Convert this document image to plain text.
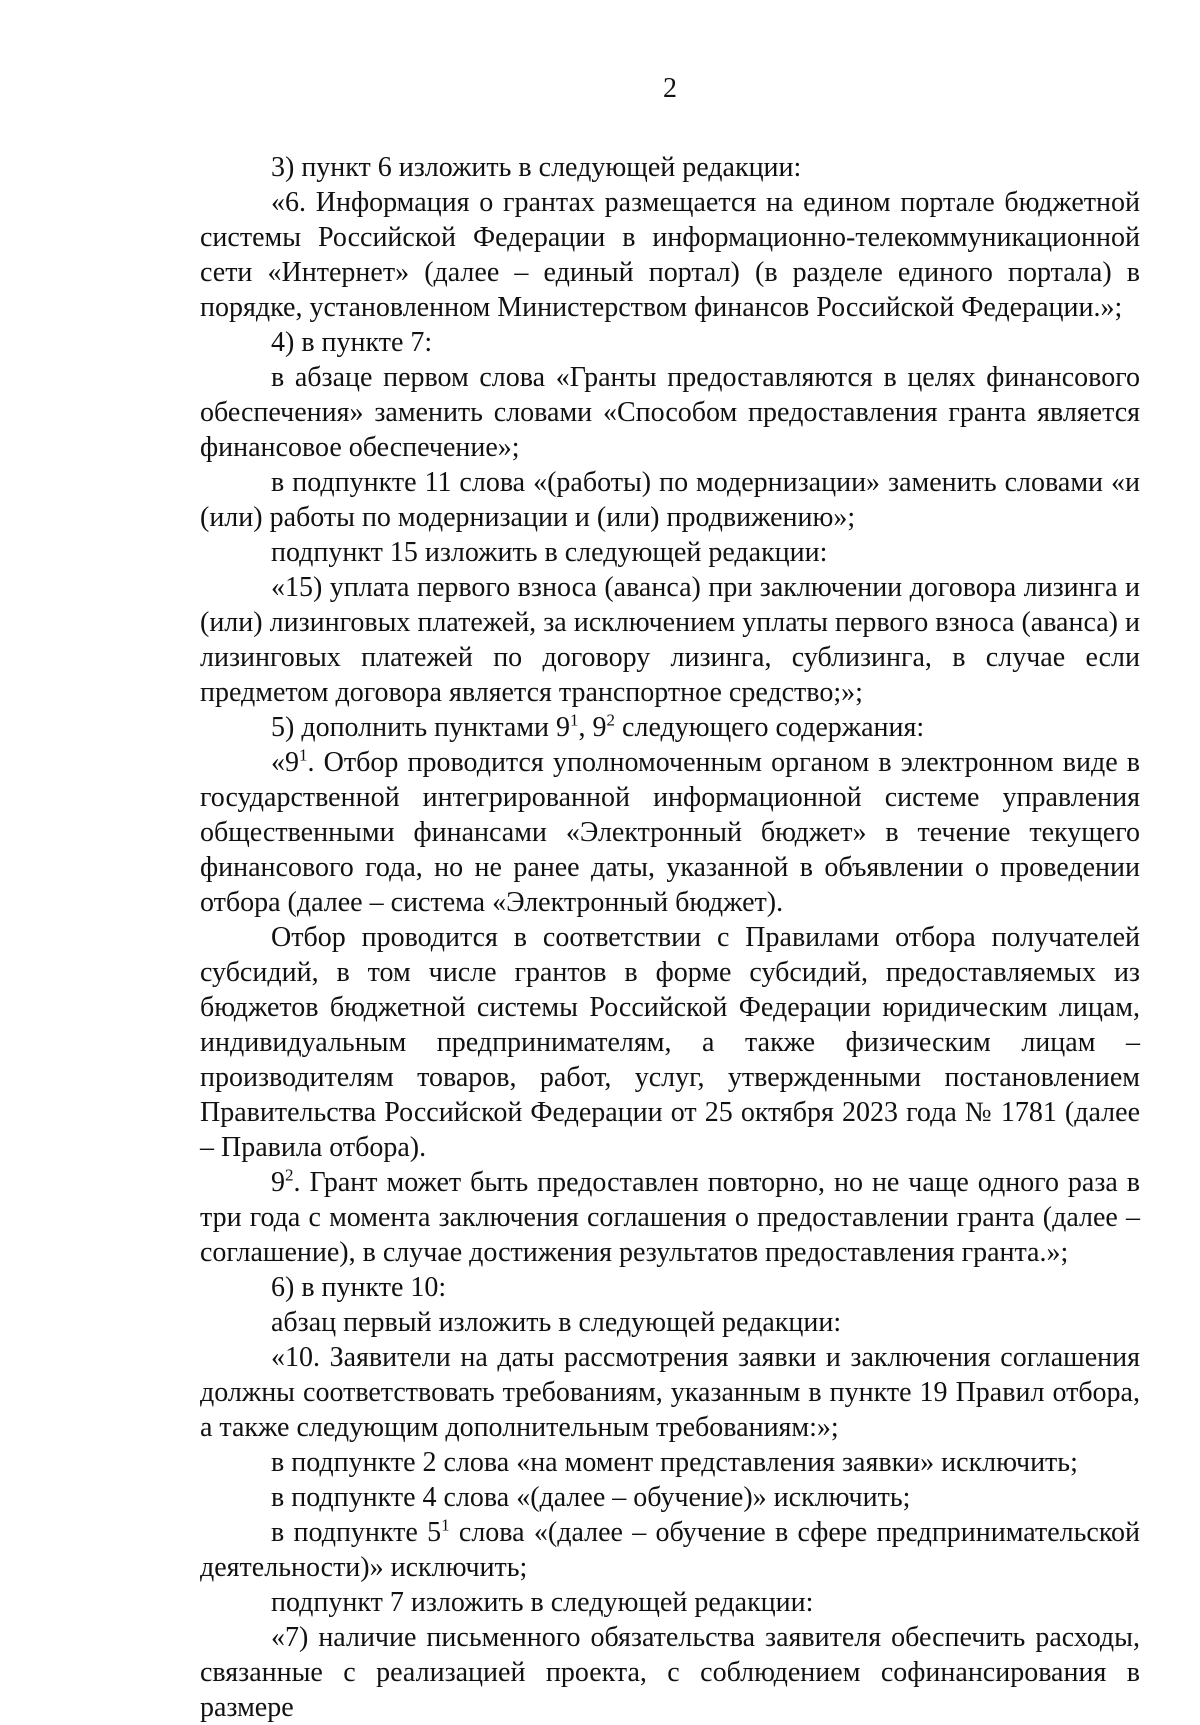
2

3) пункт 6 изложить в следующей редакции:

«6. Информация о грантах размещается на едином портале бюджетной системы Российской Федерации в информационно-телекоммуникационной сети «Интернет» (далее – единый портал) (в разделе единого портала) в порядке, установленном Министерством финансов Российской Федерации.»;

4) в пункте 7:

в абзаце первом слова «Гранты предоставляются в целях финансового обеспечения» заменить словами «Способом предоставления гранта является финансовое обеспечение»;

в подпункте 11 слова «(работы) по модернизации» заменить словами «и (или) работы по модернизации и (или) продвижению»;

подпункт 15 изложить в следующей редакции:

«15) уплата первого взноса (аванса) при заключении договора лизинга и (или) лизинговых платежей, за исключением уплаты первого взноса (аванса) и лизинговых платежей по договору лизинга, сублизинга, в случае если предметом договора является транспортное средство;»;

5) дополнить пунктами $9^1$, $9^2$ следующего содержания:

«$9^1$. Отбор проводится уполномоченным органом в электронном виде в государственной интегрированной информационной системе управления общественными финансами «Электронный бюджет» в течение текущего финансового года, но не ранее даты, указанной в объявлении о проведении отбора (далее – система «Электронный бюджет).

Отбор проводится в соответствии с Правилами отбора получателей субсидий, в том числе грантов в форме субсидий, предоставляемых из бюджетов бюджетной системы Российской Федерации юридическим лицам, индивидуальным предпринимателям, а также физическим лицам – производителям товаров, работ, услуг, утвержденными постановлением Правительства Российской Федерации от 25 октября 2023 года № 1781 (далее – Правила отбора).

$9^2$. Грант может быть предоставлен повторно, но не чаще одного раза в три года с момента заключения соглашения о предоставлении гранта (далее – соглашение), в случае достижения результатов предоставления гранта.»;

6) в пункте 10:

абзац первый изложить в следующей редакции:

«10. Заявители на даты рассмотрения заявки и заключения соглашения должны соответствовать требованиям, указанным в пункте 19 Правил отбора, а также следующим дополнительным требованиям:»;

в подпункте 2 слова «на момент представления заявки» исключить;

в подпункте 4 слова «(далее – обучение)» исключить;

в подпункте $5^1$ слова «(далее – обучение в сфере предпринимательской деятельности)» исключить;

подпункт 7 изложить в следующей редакции:

«7) наличие письменного обязательства заявителя обеспечить расходы, связанные с реализацией проекта, с соблюдением софинансирования в размере
